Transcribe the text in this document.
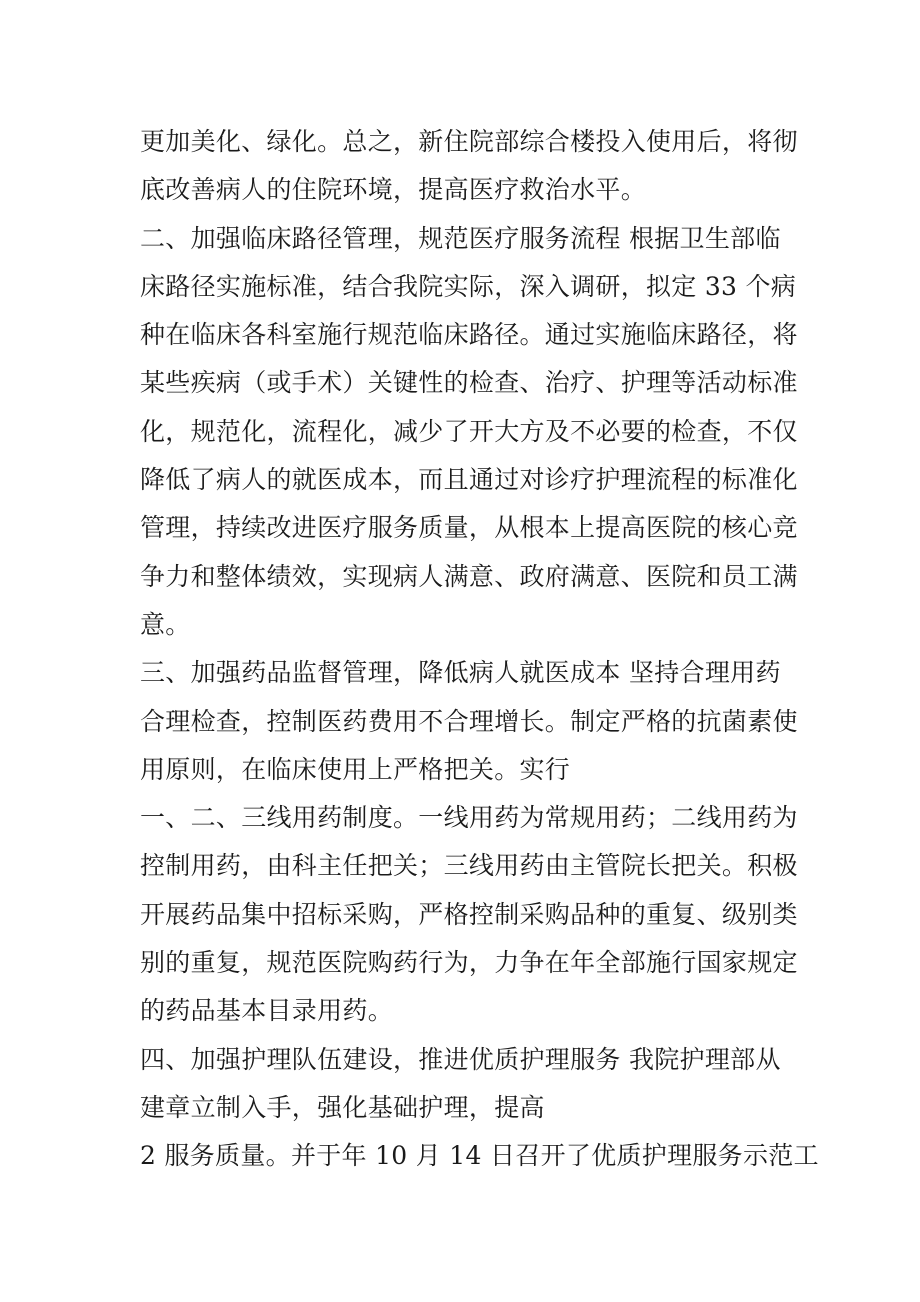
更加美化、绿化。总之，新住院部综合楼投入使用后，将彻
底改善病人的住院环境，提高医疗救治水平。
二、加强临床路径管理，规范医疗服务流程 根据卫生部临
床路径实施标准，结合我院实际，深入调研，拟定 33 个病
种在临床各科室施行规范临床路径。通过实施临床路径，将
某些疾病（或手术）关键性的检查、治疗、护理等活动标准
化，规范化，流程化，减少了开大方及不必要的检查，不仅
降低了病人的就医成本，而且通过对诊疗护理流程的标准化
管理，持续改进医疗服务质量，从根本上提高医院的核心竞
争力和整体绩效，实现病人满意、政府满意、医院和员工满
意。
三、加强药品监督管理，降低病人就医成本 坚持合理用药
合理检查，控制医药费用不合理增长。制定严格的抗菌素使
用原则，在临床使用上严格把关。实行
一、二、三线用药制度。一线用药为常规用药；二线用药为
控制用药，由科主任把关；三线用药由主管院长把关。积极
开展药品集中招标采购，严格控制采购品种的重复、级别类
别的重复，规范医院购药行为，力争在年全部施行国家规定
的药品基本目录用药。
四、加强护理队伍建设，推进优质护理服务 我院护理部从
建章立制入手，强化基础护理，提高
2 服务质量。并于年 10 月 14 日召开了优质护理服务示范工
